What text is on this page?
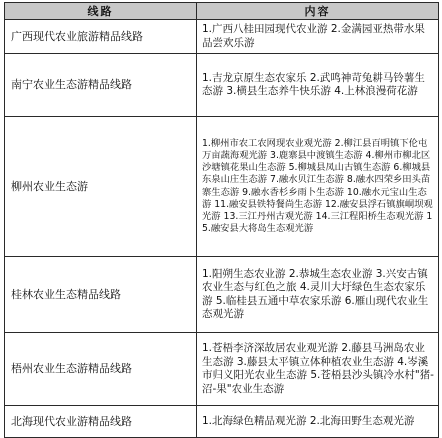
线路	内容
广西现代农业旅游精品线路	1.广西八桂田园现代农业游 2.金满园亚热带水果品尝欢乐游
南宁农业生态游精品线路	1.吉龙京原生态农家乐 2.武鸣神苛兔耕马铃薯生态游 3.横县生态养牛快乐游 4.上林浪漫荷花游
柳州农业生态游	1.柳州市农工农网现农业观光游 2.柳江县百明镇下伦屯万亩蔬海观光游 3.鹿寨县中渡镇生态游 4.柳州市柳北区沙塘镇花果山生态游 5.柳城县凤山古镇生态游 6.柳城县东泉山庄生态游 7.融水贝江生态游 8.融水四荣乡田头苗寨生态游 9.融水香杉乡雨卜生态游 10.融水元宝山生态游 11.融安县铁特餐尚生态游 12.融安县浮石镇旗峒坝观光游 13.三江丹州古观光游 14.三江程阳桥生态观光游 15.融安县大将岛生态观光游
桂林农业生态精品线路	1.阳朔生态农业游 2.恭城生态农业游 3.兴安古镇农业生态与红色之旅 4.灵川大圩绿色生态农家乐游 5.临桂县五通中草农家乐游 6.雁山现代农业生态观光游
梧州农业生态游精品线路	1.苍梧李济深故居农业观光游 2.藤县马洲岛农业生态游 3.藤县太平镇立体种植农业生态游 4.岑溪市归义阳光农业生态游 5.苍梧县沙头镇冷水村"猪-沼-果"农业生态游
北海现代农业游精品线路	1.北海绿色精品观光游 2.北海田野生态观光游
